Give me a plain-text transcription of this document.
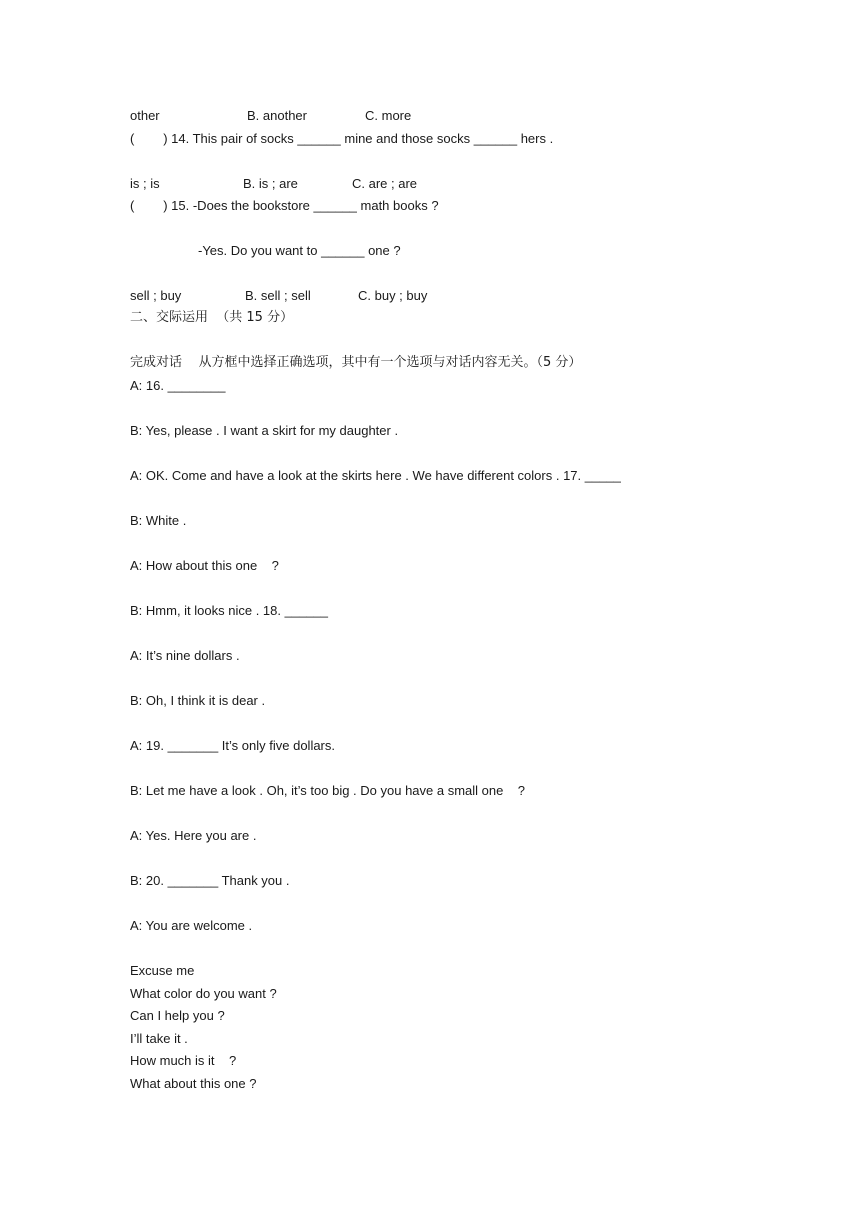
other

	B. another

	C. more

(        ) 14. This pair of socks ______ mine and those socks ______ hers .

is ; is

	B. is ; are

	C. are ; are

(        ) 15. -Does the bookstore ______ math books ?
-Yes. Do you want to ______ one ?

sell ; buy

	B. sell ; sell

	C. buy ; buy

二、交际运用  （共 15 分）
完成对话    从方框中选择正确选项，其中有一个选项与对话内容无关。（5 分）
A: 16. ________
B: Yes, please . I want a skirt for my daughter .
A: OK. Come and have a look at the skirts here . We have different colors . 17. _____
B: White .
A: How about this one    ?
B: Hmm, it looks nice . 18. ______
A: It’s nine dollars .
B: Oh, I think it is dear .
A: 19. _______ It’s only five dollars.
B: Let me have a look . Oh, it’s too big . Do you have a small one    ?
A: Yes. Here you are .
B: 20. _______ Thank you .
A: You are welcome .
Excuse me
What color do you want ?
Can I help you ?
I’ll take it .
How much is it    ?
What about this one ?
